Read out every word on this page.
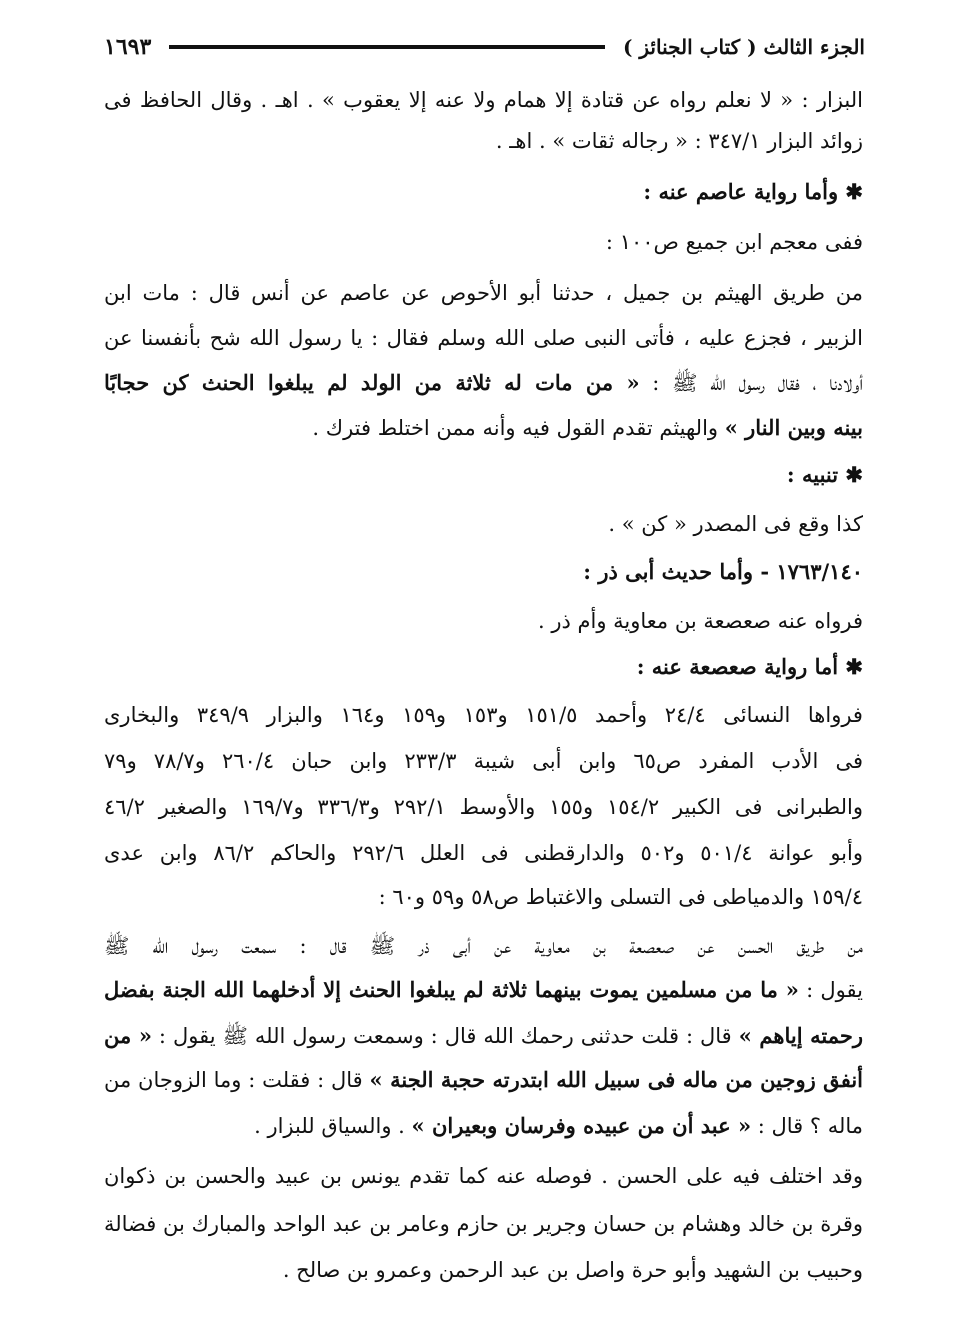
١٦٩٣	الجزء الثالث ( كتاب الجنائز )
البزار : « لا نعلم رواه عن قتادة إلا همام ولا عنه إلا يعقوب » . اهـ . وقال الحافظ فى
زوائد البزار ٣٤٧/١ : « رجاله ثقات » . اهـ .
✱ وأما رواية عاصم عنه :
ففى معجم ابن جميع ص١٠٠ :
من طريق الهيثم بن جميل ، حدثنا أبو الأحوص عن عاصم عن أنس قال : مات ابن
الزبير ، فجزع عليه ، فأتى النبى صلى الله وسلم فقال : يا رسول الله شح بأنفسنا عن
أولادنا ، فقال رسول الله ﷺ : « من مات له ثلاثة من الولد لم يبلغوا الحنث كن حجابًا
بينه وبين النار » والهيثم تقدم القول فيه وأنه ممن اختلط فترك .
✱ تنبيه :
كذا وقع فى المصدر « كن » .
١٧٦٣/١٤٠ - وأما حديث أبى ذر :
فرواه عنه صعصعة بن معاوية وأم ذر .
✱ أما رواية صعصعة عنه :
فرواها النسائى ٢٤/٤ وأحمد ١٥١/٥ و١٥٣ و١٥٩ و١٦٤ والبزار ٣٤٩/٩ والبخارى
فى الأدب المفرد ص٦٥ وابن أبى شيبة ٢٣٣/٣ وابن حبان ٢٦٠/٤ و٧٨/٧ و٧٩
والطبرانى فى الكبير ١٥٤/٢ و١٥٥ والأوسط ٢٩٢/١ و٣٣٦/٣ و١٦٩/٧ والصغير ٤٦/٢
وأبو عوانة ٥٠١/٤ و٥٠٢ والدارقطنى فى العلل ٢٩٢/٦ والحاكم ٨٦/٢ وابن عدى
١٥٩/٤ والدمياطى فى التسلى والاغتباط ص٥٨ و٥٩ و٦٠ :
من طريق الحسن عن صعصعة بن معاوية عن أبى ذر ﷺ قال : سمعت رسول الله ﷺ
يقول : « ما من مسلمين يموت بينهما ثلاثة لم يبلغوا الحنث إلا أدخلهما الله الجنة بفضل
رحمته إياهم » قال : قلت حدثنى رحمك الله قال : وسمعت رسول الله ﷺ يقول : « من
أنفق زوجين من ماله فى سبيل الله ابتدرته حجبة الجنة » قال : فقلت : وما الزوجان من
ماله ؟ قال : « عبد أن من عبيده وفرسان وبعيران » . والسياق للبزار .
وقد اختلف فيه على الحسن . فوصله عنه كما تقدم يونس بن عبيد والحسن بن ذكوان
وقرة بن خالد وهشام بن حسان وجرير بن حازم وعامر بن عبد الواحد والمبارك بن فضالة
وحبيب بن الشهيد وأبو حرة واصل بن عبد الرحمن وعمرو بن صالح .
